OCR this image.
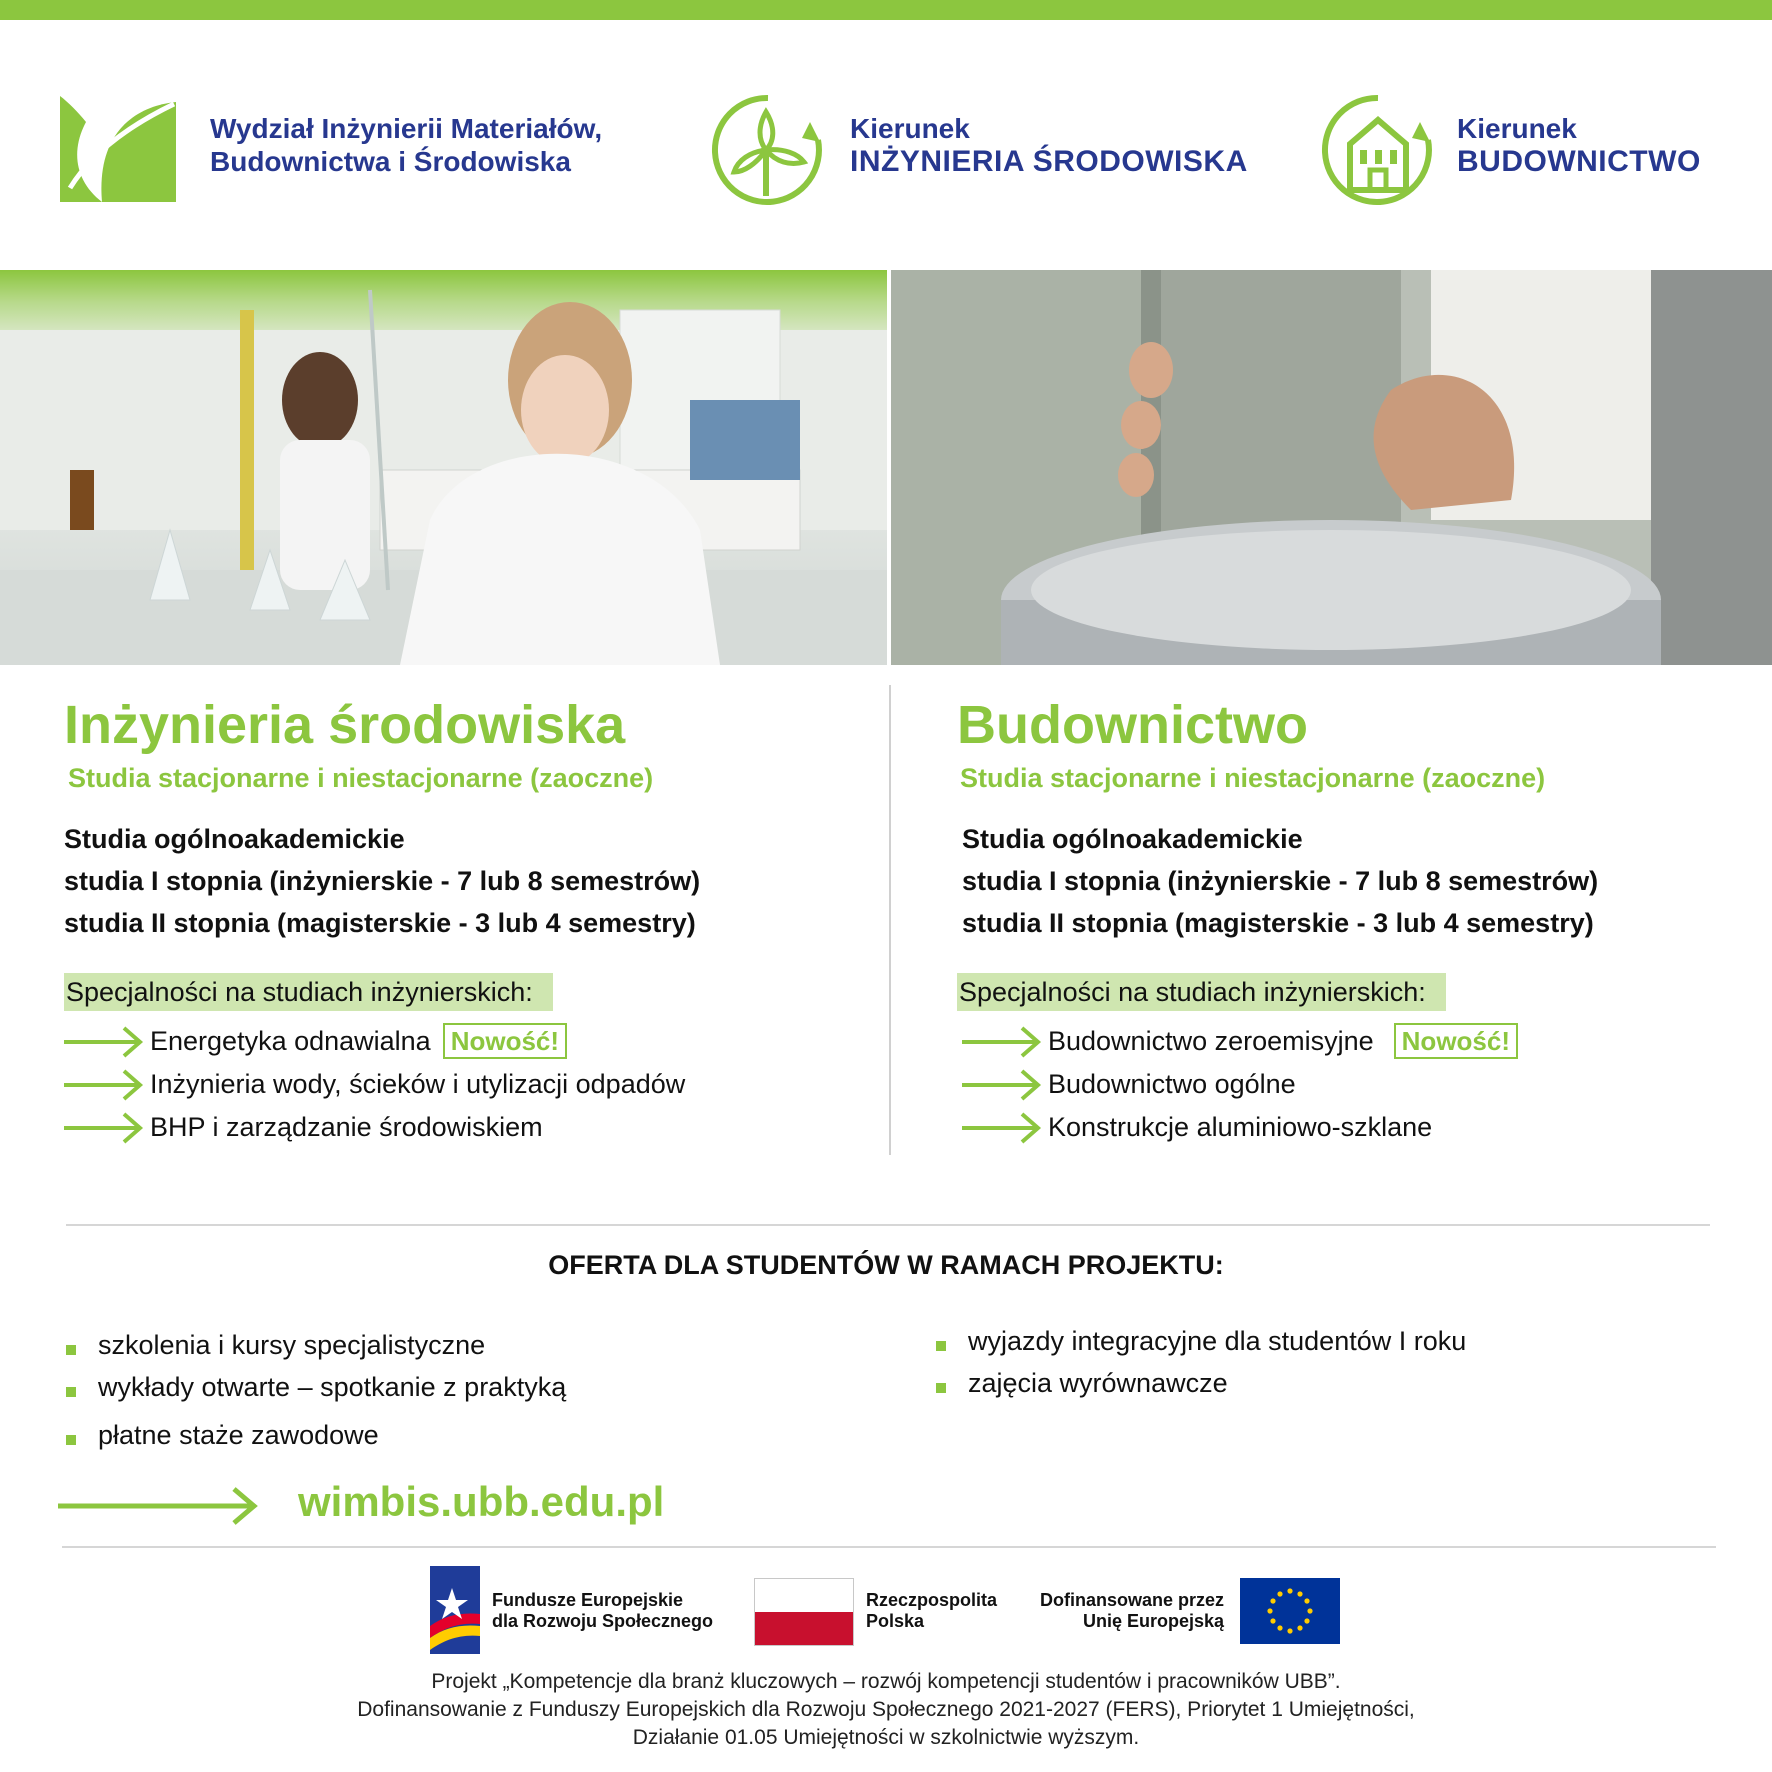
Wydział Inżynierii Materiałów,
Budownictwa i Środowiska
Kierunek
INŻYNIERIA ŚRODOWISKA
Kierunek
BUDOWNICTWO
Inżynieria środowiska
Studia stacjonarne i niestacjonarne (zaoczne)
Studia ogólnoakademickie
studia I stopnia (inżynierskie - 7 lub 8 semestrów)
studia II stopnia (magisterskie - 3 lub 4 semestry)
Specjalności na studiach inżynierskich:
Energetyka odnawialna Nowość!
Inżynieria wody, ścieków i utylizacji odpadów
BHP i zarządzanie środowiskiem
Budownictwo
Studia stacjonarne i niestacjonarne (zaoczne)
Studia ogólnoakademickie
studia I stopnia (inżynierskie - 7 lub 8 semestrów)
studia II stopnia (magisterskie - 3 lub 4 semestry)
Specjalności na studiach inżynierskich:
Budownictwo zeroemisyjne Nowość!
Budownictwo ogólne
Konstrukcje aluminiowo-szklane
OFERTA DLA STUDENTÓW W RAMACH PROJEKTU:
szkolenia i kursy specjalistyczne
wykłady otwarte – spotkanie z praktyką
płatne staże zawodowe
wyjazdy integracyjne dla studentów I roku
zajęcia wyrównawcze
wimbis.ubb.edu.pl
Fundusze Europejskie
dla Rozwoju Społecznego
Rzeczpospolita
Polska
Dofinansowane przez
Unię Europejską
Projekt „Kompetencje dla branż kluczowych – rozwój kompetencji studentów i pracowników UBB”.
Dofinansowanie z Funduszy Europejskich dla Rozwoju Społecznego 2021-2027 (FERS), Priorytet 1 Umiejętności,
Działanie 01.05 Umiejętności w szkolnictwie wyższym.
